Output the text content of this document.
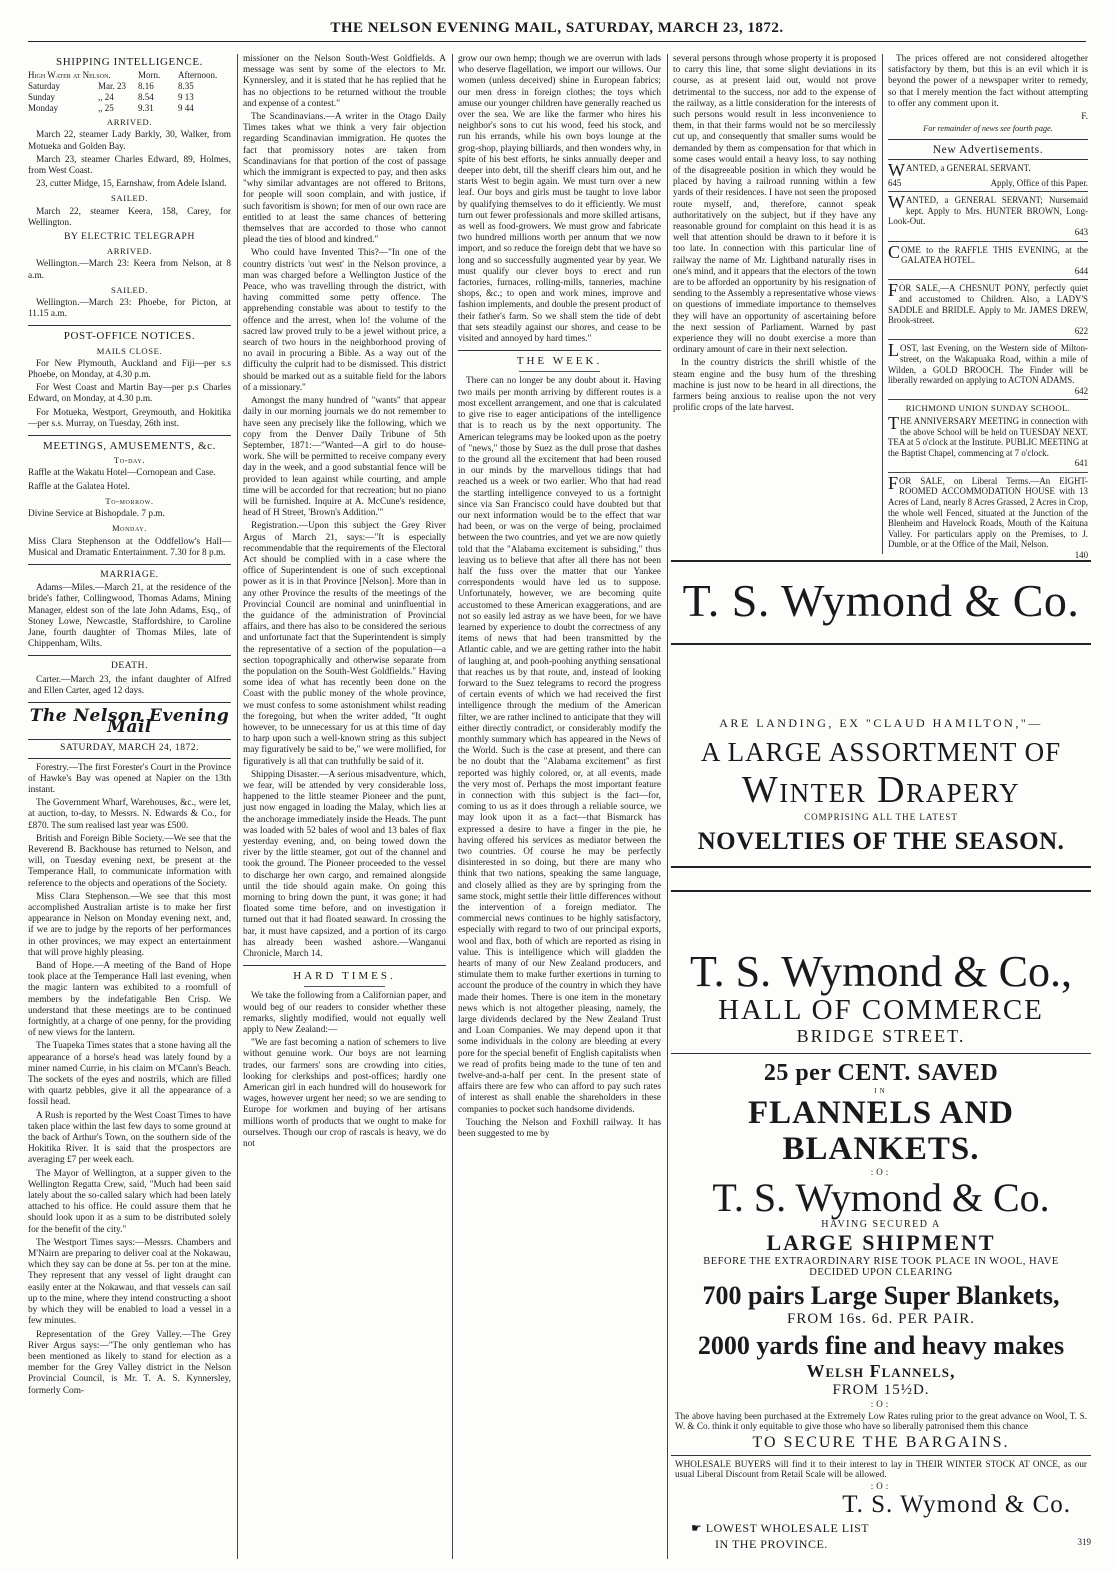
THE NELSON EVENING MAIL, SATURDAY, MARCH 23, 1872.
SHIPPING INTELLIGENCE.
High Water at Nelson.	Morn.	Afternoon.
Saturday	Mar. 23	8.16	8.35
Sunday	,, 24	8.54	9 13
Monday	,, 25	9.31	9 44
ARRIVED.

March 22, steamer Lady Barkly, 30, Walker, from Motueka and Golden Bay.

March 23, steamer Charles Edward, 89, Holmes, from West Coast.

23, cutter Midge, 15, Earnshaw, from Adele Island.

SAILED.

March 22, steamer Keera, 158, Carey, for Wellington.

BY ELECTRIC TELEGRAPH
ARRIVED.

Wellington.—March 23: Keera from Nelson, at 8 a.m.

SAILED.

Wellington.—March 23: Phoebe, for Picton, at 11.15 a.m.

POST-OFFICE NOTICES.
MAILS CLOSE.

For New Plymouth, Auckland and Fiji—per s.s Phoebe, on Monday, at 4.30 p.m.

For West Coast and Martin Bay—per p.s Charles Edward, on Monday, at 4.30 p.m.

For Motueka, Westport, Greymouth, and Hokitika—per s.s. Murray, on Tuesday, 26th inst.

MEETINGS, AMUSEMENTS, &c.
To-day.

Raffle at the Wakatu Hotel—Cornopean and Case.

Raffle at the Galatea Hotel.

To-morrow.

Divine Service at Bishopdale. 7 p.m.

Monday.

Miss Clara Stephenson at the Oddfellow's Hall—Musical and Dramatic Entertainment. 7.30 for 8 p.m.

MARRIAGE.

Adams—Miles.—March 21, at the residence of the bride's father, Collingwood, Thomas Adams, Mining Manager, eldest son of the late John Adams, Esq., of Stoney Lowe, Newcastle, Staffordshire, to Caroline Jane, fourth daughter of Thomas Miles, late of Chippenham, Wilts.

DEATH.

Carter.—March 23, the infant daughter of Alfred and Ellen Carter, aged 12 days.

The Nelson Evening Mail
SATURDAY, MARCH 24, 1872.

Forestry.—The first Forester's Court in the Province of Hawke's Bay was opened at Napier on the 13th instant.

The Government Wharf, Warehouses, &c., were let, at auction, to-day, to Messrs. N. Edwards & Co., for £870. The sum realised last year was £500.

British and Foreign Bible Society.—We see that the Reverend B. Backhouse has returned to Nelson, and will, on Tuesday evening next, be present at the Temperance Hall, to communicate information with reference to the objects and operations of the Society.

Miss Clara Stephenson.—We see that this most accomplished Australian artiste is to make her first appearance in Nelson on Monday evening next, and, if we are to judge by the reports of her performances in other provinces, we may expect an entertainment that will prove highly pleasing.

Band of Hope.—A meeting of the Band of Hope took place at the Temperance Hall last evening, when the magic lantern was exhibited to a roomfull of members by the indefatigable Ben Crisp. We understand that these meetings are to be continued fortnightly, at a charge of one penny, for the providing of new views for the lantern.

The Tuapeka Times states that a stone having all the appearance of a horse's head was lately found by a miner named Currie, in his claim on M'Cann's Beach. The sockets of the eyes and nostrils, which are filled with quartz pebbles, give it all the appearance of a fossil head.

A Rush is reported by the West Coast Times to have taken place within the last few days to some ground at the back of Arthur's Town, on the southern side of the Hokitika River. It is said that the prospectors are averaging £7 per week each.

The Mayor of Wellington, at a supper given to the Wellington Regatta Crew, said, "Much had been said lately about the so-called salary which had been lately attached to his office. He could assure them that he should look upon it as a sum to be distributed solely for the benefit of the city."

The Westport Times says:—Messrs. Chambers and M'Nairn are preparing to deliver coal at the Nokawau, which they say can be done at 5s. per ton at the mine. They represent that any vessel of light draught can easily enter at the Nokawau, and that vessels can sail up to the mine, where they intend constructing a shoot by which they will be enabled to load a vessel in a few minutes.

Representation of the Grey Valley.—The Grey River Argus says:—"The only gentleman who has been mentioned as likely to stand for election as a member for the Grey Valley district in the Nelson Provincial Council, is Mr. T. A. S. Kynnersley, formerly Com-

missioner on the Nelson South-West Goldfields. A message was sent by some of the electors to Mr. Kynnersley, and it is stated that he has replied that he has no objections to be returned without the trouble and expense of a contest."

The Scandinavians.—A writer in the Otago Daily Times takes what we think a very fair objection regarding Scandinavian immigration. He quotes the fact that promissory notes are taken from Scandinavians for that portion of the cost of passage which the immigrant is expected to pay, and then asks "why similar advantages are not offered to Britons, for people will soon complain, and with justice, if such favoritism is shown; for men of our own race are entitled to at least the same chances of bettering themselves that are accorded to those who cannot plead the ties of blood and kindred."

Who could have Invented This?—"In one of the country districts 'out west' in the Nelson province, a man was charged before a Wellington Justice of the Peace, who was travelling through the district, with having committed some petty offence. The apprehending constable was about to testify to the offence and the arrest, when lo! the volume of the sacred law proved truly to be a jewel without price, a search of two hours in the neighborhood proving of no avail in procuring a Bible. As a way out of the difficulty the culprit had to be dismissed. This district should be marked out as a suitable field for the labors of a missionary."

Amongst the many hundred of "wants" that appear daily in our morning journals we do not remember to have seen any precisely like the following, which we copy from the Denver Daily Tribune of 5th September, 1871:—"Wanted—A girl to do house-work. She will be permitted to receive company every day in the week, and a good substantial fence will be provided to lean against while courting, and ample time will be accorded for that recreation; but no piano will be furnished. Inquire at A. McCune's residence, head of H Street, 'Brown's Addition.'"

Registration.—Upon this subject the Grey River Argus of March 21, says:—"It is especially recommendable that the requirements of the Electoral Act should be complied with in a case where the office of Superintendent is one of such exceptional power as it is in that Province [Nelson]. More than in any other Province the results of the meetings of the Provincial Council are nominal and uninfluential in the guidance of the administration of Provincial affairs, and there has also to be considered the serious and unfortunate fact that the Superintendent is simply the representative of a section of the population—a section topographically and otherwise separate from the population on the South-West Goldfields." Having some idea of what has recently been done on the Coast with the public money of the whole province, we must confess to some astonishment whilst reading the foregoing, but when the writer added, "It ought however, to be unnecessary for us at this time of day to harp upon such a well-known string as this subject may figuratively be said to be," we were mollified, for figuratively is all that can truthfully be said of it.

Shipping Disaster.—A serious misadventure, which, we fear, will be attended by very considerable loss, happened to the little steamer Pioneer and the punt, just now engaged in loading the Malay, which lies at the anchorage immediately inside the Heads. The punt was loaded with 52 bales of wool and 13 bales of flax yesterday evening, and, on being towed down the river by the little steamer, got out of the channel and took the ground. The Pioneer proceeded to the vessel to discharge her own cargo, and remained alongside until the tide should again make. On going this morning to bring down the punt, it was gone; it had floated some time before, and on investigation it turned out that it had floated seaward. In crossing the bar, it must have capsized, and a portion of its cargo has already been washed ashore.—Wanganui Chronicle, March 14.

HARD TIMES.

We take the following from a Californian paper, and would beg of our readers to consider whether these remarks, slightly modified, would not equally well apply to New Zealand:—

"We are fast becoming a nation of schemers to live without genuine work. Our boys are not learning trades, our farmers' sons are crowding into cities, looking for clerkships and post-offices; hardly one American girl in each hundred will do housework for wages, however urgent her need; so we are sending to Europe for workmen and buying of her artisans millions worth of products that we ought to make for ourselves. Though our crop of rascals is heavy, we do not

grow our own hemp; though we are overrun with lads who deserve flagellation, we import our willows. Our women (unless deceived) shine in European fabrics; our men dress in foreign clothes; the toys which amuse our younger children have generally reached us over the sea. We are like the farmer who hires his neighbor's sons to cut his wood, feed his stock, and run his errands, while his own boys lounge at the grog-shop, playing billiards, and then wonders why, in spite of his best efforts, he sinks annually deeper and deeper into debt, till the sheriff clears him out, and he starts West to begin again. We must turn over a new leaf. Our boys and girls must be taught to love labor by qualifying themselves to do it efficiently. We must turn out fewer professionals and more skilled artisans, as well as food-growers. We must grow and fabricate two hundred millions worth per annum that we now import, and so reduce the foreign debt that we have so long and so successfully augmented year by year. We must qualify our clever boys to erect and run factories, furnaces, rolling-mills, tanneries, machine shops, &c.; to open and work mines, improve and fashion implements, and double the present product of their father's farm. So we shall stem the tide of debt that sets steadily against our shores, and cease to be visited and annoyed by hard times."

THE WEEK.

There can no longer be any doubt about it. Having two mails per month arriving by different routes is a most excellent arrangement, and one that is calculated to give rise to eager anticipations of the intelligence that is to reach us by the next opportunity. The American telegrams may be looked upon as the poetry of "news," those by Suez as the dull prose that dashes to the ground all the excitement that had been roused in our minds by the marvellous tidings that had reached us a week or two earlier. Who that had read the startling intelligence conveyed to us a fortnight since via San Francisco could have doubted but that our next information would be to the effect that war had been, or was on the verge of being, proclaimed between the two countries, and yet we are now quietly told that the "Alabama excitement is subsiding," thus leaving us to believe that after all there has not been half the fuss over the matter that our Yankee correspondents would have led us to suppose. Unfortunately, however, we are becoming quite accustomed to these American exaggerations, and are not so easily led astray as we have been, for we have learned by experience to doubt the correctness of any items of news that had been transmitted by the Atlantic cable, and we are getting rather into the habit of laughing at, and pooh-poohing anything sensational that reaches us by that route, and, instead of looking forward to the Suez telegrams to record the progress of certain events of which we had received the first intelligence through the medium of the American filter, we are rather inclined to anticipate that they will either directly contradict, or considerably modify the monthly summary which has appeared in the News of the World. Such is the case at present, and there can be no doubt that the "Alabama excitement" as first reported was highly colored, or, at all events, made the very most of. Perhaps the most important feature in connection with this subject is the fact—for, coming to us as it does through a reliable source, we may look upon it as a fact—that Bismarck has expressed a desire to have a finger in the pie, he having offered his services as mediator between the two countries. Of course he may be perfectly disinterested in so doing, but there are many who think that two nations, speaking the same language, and closely allied as they are by springing from the same stock, might settle their little differences without the intervention of a foreign mediator. The commercial news continues to be highly satisfactory, especially with regard to two of our principal exports, wool and flax, both of which are reported as rising in value. This is intelligence which will gladden the hearts of many of our New Zealand producers, and stimulate them to make further exertions in turning to account the produce of the country in which they have made their homes. There is one item in the monetary news which is not altogether pleasing, namely, the large dividends declared by the New Zealand Trust and Loan Companies. We may depend upon it that some individuals in the colony are bleeding at every pore for the special benefit of English capitalists when we read of profits being made to the tune of ten and twelve-and-a-half per cent. In the present state of affairs there are few who can afford to pay such rates of interest as shall enable the shareholders in these companies to pocket such handsome dividends.

Touching the Nelson and Foxhill railway. It has been suggested to me by

several persons through whose property it is proposed to carry this line, that some slight deviations in its course, as at present laid out, would not prove detrimental to the success, nor add to the expense of the railway, as a little consideration for the interests of such persons would result in less inconvenience to them, in that their farms would not be so mercilessly cut up, and consequently that smaller sums would be demanded by them as compensation for that which in some cases would entail a heavy loss, to say nothing of the disagreeable position in which they would be placed by having a railroad running within a few yards of their residences. I have not seen the proposed route myself, and, therefore, cannot speak authoritatively on the subject, but if they have any reasonable ground for complaint on this head it is as well that attention should be drawn to it before it is too late. In connection with this particular line of railway the name of Mr. Lightband naturally rises in one's mind, and it appears that the electors of the town are to be afforded an opportunity by his resignation of sending to the Assembly a representative whose views on questions of immediate importance to themselves they will have an opportunity of ascertaining before the next session of Parliament. Warned by past experience they will no doubt exercise a more than ordinary amount of care in their next selection.

In the country districts the shrill whistle of the steam engine and the busy hum of the threshing machine is just now to be heard in all directions, the farmers being anxious to realise upon the not very prolific crops of the late harvest.

The prices offered are not considered altogether satisfactory by them, but this is an evil which it is beyond the power of a newspaper writer to remedy, so that I merely mention the fact without attempting to offer any comment upon it.

F.
For remainder of news see fourth page.
New Advertisements.
WANTED, a GENERAL SERVANT.
645	Apply, Office of this Paper.
WANTED, a GENERAL SERVANT; Nursemaid kept. Apply to Mrs. HUNTER BROWN, Long-Look-Out.
643
COME to the RAFFLE THIS EVENING, at the GALATEA HOTEL.
644
FOR SALE,—A CHESNUT PONY, perfectly quiet and accustomed to Children. Also, a LADY'S SADDLE and BRIDLE. Apply to Mr. JAMES DREW, Brook-street.
622
LOST, last Evening, on the Western side of Milton-street, on the Wakapuaka Road, within a mile of Wilden, a GOLD BROOCH. The Finder will be liberally rewarded on applying to ACTON ADAMS.
642
RICHMOND UNION SUNDAY SCHOOL.
T HE ANNIVERSARY MEETING in connection with the above School will be held on TUESDAY NEXT. TEA at 5 o'clock at the Institute. PUBLIC MEETING at the Baptist Chapel, commencing at 7 o'clock.
641
FOR SALE, on Liberal Terms.—An EIGHT-ROOMED ACCOMMODATION HOUSE with 13 Acres of Land, nearly 8 Acres Grassed, 2 Acres in Crop, the whole well Fenced, situated at the Junction of the Blenheim and Havelock Roads, Mouth of the Kaituna Valley. For particulars apply on the Premises, to J. Dumble, or at the Office of the Mail, Nelson.
140
T. S. Wymond & Co.
ARE LANDING, EX "CLAUD HAMILTON,"—
A LARGE ASSORTMENT OF
Winter Drapery
COMPRISING ALL THE LATEST
NOVELTIES OF THE SEASON.
T. S. Wymond & Co.,
HALL OF COMMERCE
BRIDGE STREET.
25 per CENT. SAVED
IN
FLANNELS AND BLANKETS.
:O:
T. S. Wymond & Co.
HAVING SECURED A
LARGE SHIPMENT
BEFORE THE EXTRAORDINARY RISE TOOK PLACE IN WOOL, HAVE
DECIDED UPON CLEARING
700 pairs Large Super Blankets,
FROM 16s. 6d. PER PAIR.
2000 yards fine and heavy makes
Welsh Flannels,
FROM 15½D.
:O:
The above having been purchased at the Extremely Low Rates ruling prior to the great advance on Wool, T. S. W. & Co. think it only equitable to give those who have so liberally patronised them this chance
TO SECURE THE BARGAINS.
WHOLESALE BUYERS will find it to their interest to lay in THEIR WINTER STOCK AT ONCE, as our usual Liberal Discount from Retail Scale will be allowed.
:O:
T. S. Wymond & Co.
☛ LOWEST WHOLESALE LIST
IN THE PROVINCE.	319
